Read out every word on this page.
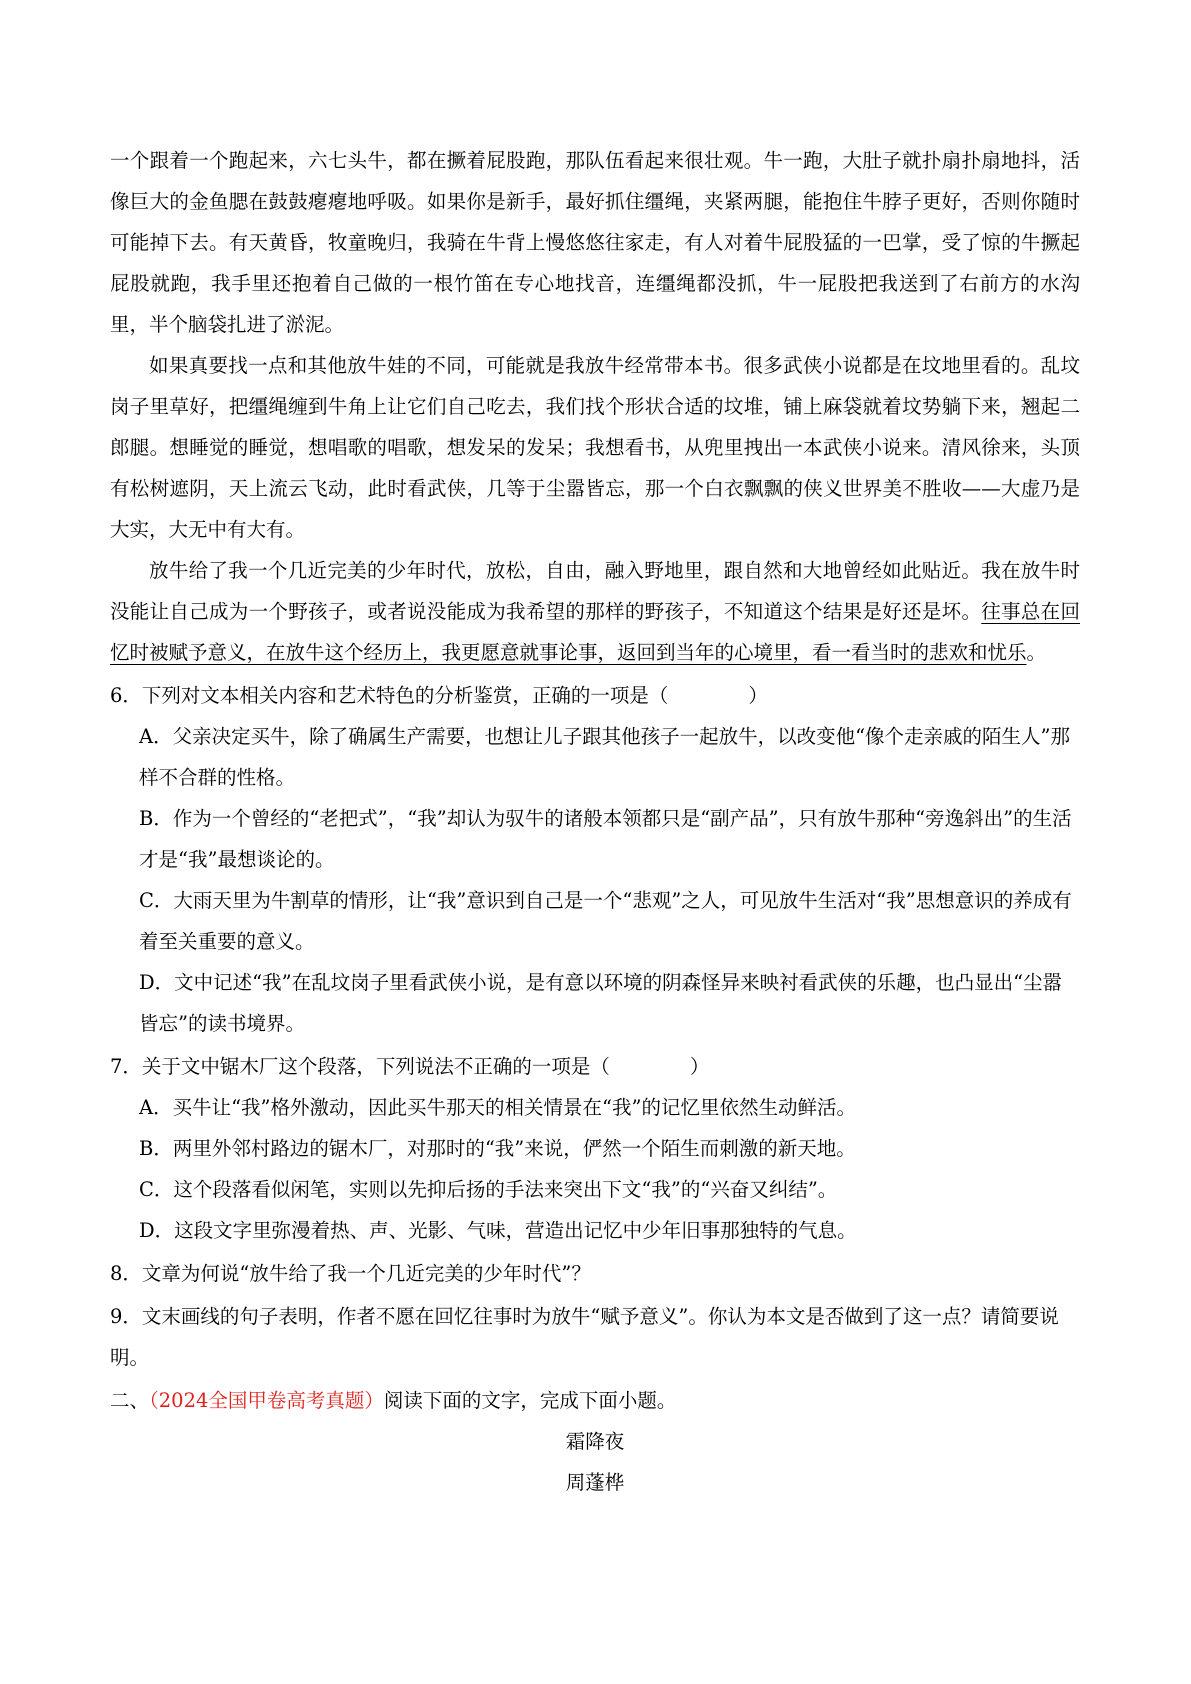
一个跟着一个跑起来，六七头牛，都在撅着屁股跑，那队伍看起来很壮观。牛一跑，大肚子就扑扇扑扇地抖，活像巨大的金鱼腮在鼓鼓瘪瘪地呼吸。如果你是新手，最好抓住缰绳，夹紧两腿，能抱住牛脖子更好，否则你随时可能掉下去。有天黄昏，牧童晚归，我骑在牛背上慢悠悠往家走，有人对着牛屁股猛的一巴掌，受了惊的牛撅起屁股就跑，我手里还抱着自己做的一根竹笛在专心地找音，连缰绳都没抓，牛一屁股把我送到了右前方的水沟里，半个脑袋扎进了淤泥。

如果真要找一点和其他放牛娃的不同，可能就是我放牛经常带本书。很多武侠小说都是在坟地里看的。乱坟岗子里草好，把缰绳缠到牛角上让它们自己吃去，我们找个形状合适的坟堆，铺上麻袋就着坟势躺下来，翘起二郎腿。想睡觉的睡觉，想唱歌的唱歌，想发呆的发呆；我想看书，从兜里拽出一本武侠小说来。清风徐来，头顶有松树遮阴，天上流云飞动，此时看武侠，几等于尘嚣皆忘，那一个白衣飘飘的侠义世界美不胜收——大虚乃是大实，大无中有大有。

放牛给了我一个几近完美的少年时代，放松，自由，融入野地里，跟自然和大地曾经如此贴近。我在放牛时没能让自己成为一个野孩子，或者说没能成为我希望的那样的野孩子，不知道这个结果是好还是坏。往事总在回忆时被赋予意义，在放牛这个经历上，我更愿意就事论事，返回到当年的心境里，看一看当时的悲欢和忧乐。

6．下列对文本相关内容和艺术特色的分析鉴赏，正确的一项是（	）

A．父亲决定买牛，除了确属生产需要，也想让儿子跟其他孩子一起放牛，以改变他“像个走亲戚的陌生人”那样不合群的性格。

B．作为一个曾经的“老把式”，“我”却认为驭牛的诸般本领都只是“副产品”，只有放牛那种“旁逸斜出”的生活才是“我”最想谈论的。

C．大雨天里为牛割草的情形，让“我”意识到自己是一个“悲观”之人，可见放牛生活对“我”思想意识的养成有着至关重要的意义。

D．文中记述“我”在乱坟岗子里看武侠小说，是有意以环境的阴森怪异来映衬看武侠的乐趣，也凸显出“尘嚣皆忘”的读书境界。

7．关于文中锯木厂这个段落，下列说法不正确的一项是（	）

A．买牛让“我”格外激动，因此买牛那天的相关情景在“我”的记忆里依然生动鲜活。

B．两里外邻村路边的锯木厂，对那时的“我”来说，俨然一个陌生而刺激的新天地。

C．这个段落看似闲笔，实则以先抑后扬的手法来突出下文“我”的“兴奋又纠结”。

D．这段文字里弥漫着热、声、光影、气味，营造出记忆中少年旧事那独特的气息。

8．文章为何说“放牛给了我一个几近完美的少年时代”？

9．文末画线的句子表明，作者不愿在回忆往事时为放牛“赋予意义”。你认为本文是否做到了这一点？请简要说明。

二、（2024全国甲卷高考真题）阅读下面的文字，完成下面小题。

霜降夜

周蓬桦
